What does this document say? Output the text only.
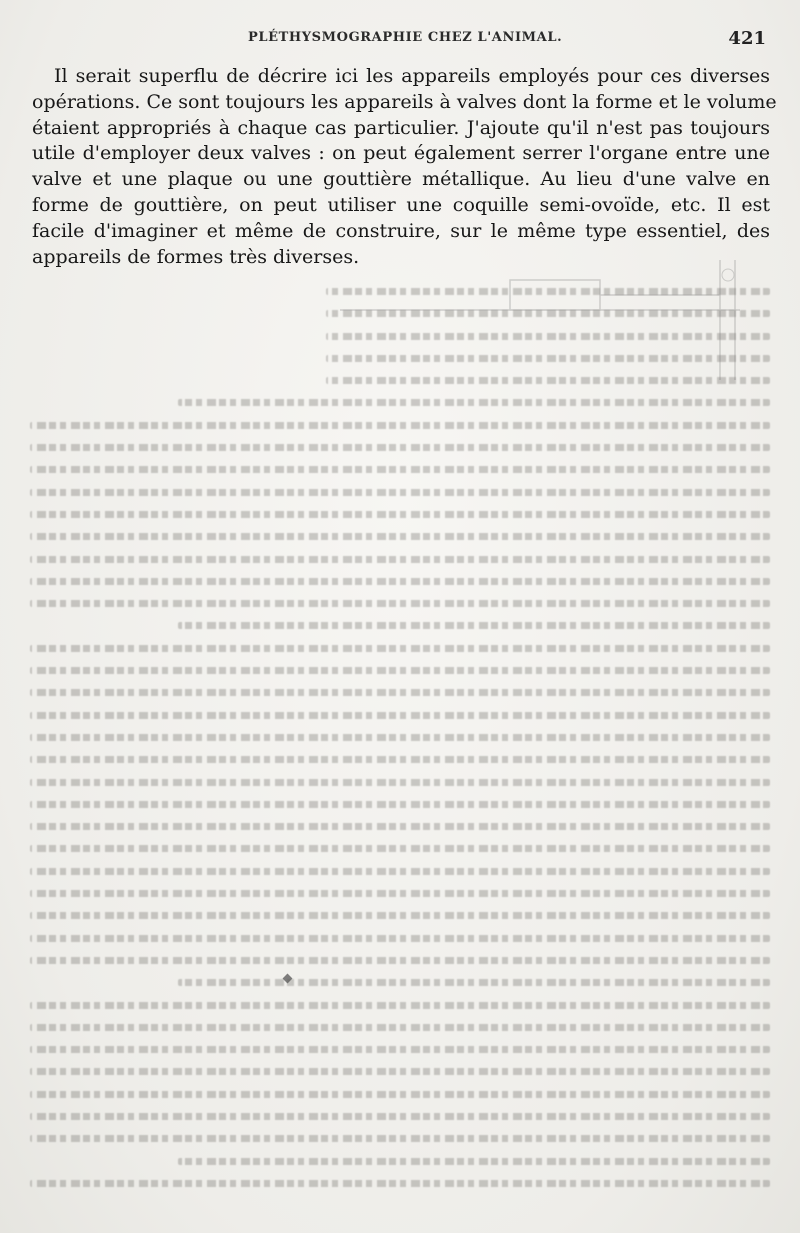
PLÉTHYSMOGRAPHIE CHEZ L'ANIMAL.	421
Il serait superflu de décrire ici les appareils employés pour ces diverses
opérations. Ce sont toujours les appareils à valves dont la forme et le volume
étaient appropriés à chaque cas particulier. J'ajoute qu'il n'est pas toujours
utile d'employer deux valves : on peut également serrer l'organe entre une
valve et une plaque ou une gouttière métallique. Au lieu d'une valve en
forme de gouttière, on peut utiliser une coquille semi-ovoïde, etc. Il est
facile d'imaginer et même de construire, sur le même type essentiel, des
appareils de formes très diverses.
